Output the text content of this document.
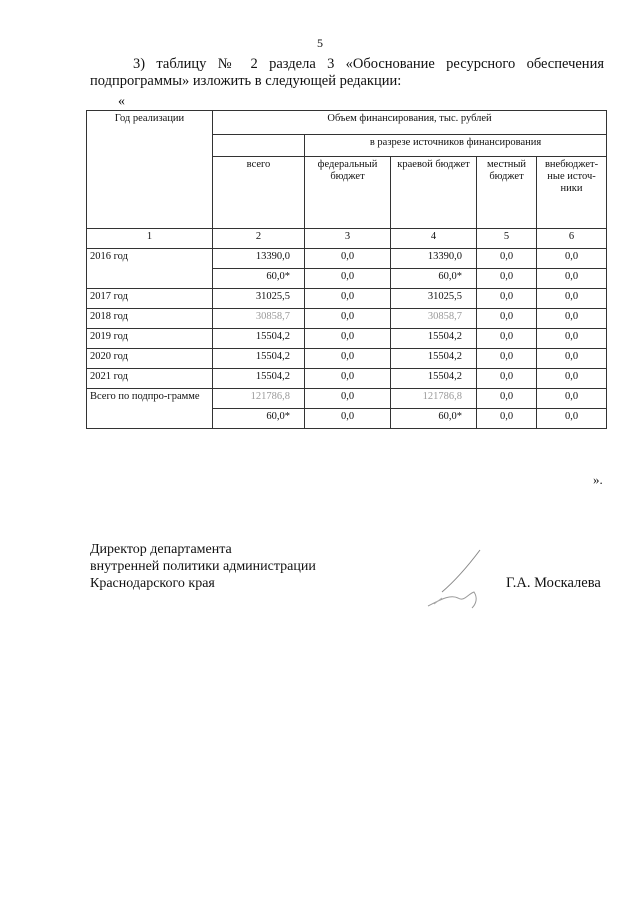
5
3) таблицу № 2 раздела 3 «Обоснование ресурсного обеспечения подпрограммы» изложить в следующей редакции:
«
Год реализации	Объем финансирования, тыс. рублей				
		в разрезе источников финансирования			
	всего	федеральный бюджет	краевой бюджет	местный бюджет	внебюджет-ные источ-ники
1	2	3	4	5	6
2016 год	13390,0	0,0	13390,0	0,0	0,0
	60,0*	0,0	60,0*	0,0	0,0
2017 год	31025,5	0,0	31025,5	0,0	0,0
2018 год	30858,7	0,0	30858,7	0,0	0,0
2019 год	15504,2	0,0	15504,2	0,0	0,0
2020 год	15504,2	0,0	15504,2	0,0	0,0
2021 год	15504,2	0,0	15504,2	0,0	0,0
Всего по подпро-грамме	121786,8	0,0	121786,8	0,0	0,0
	60,0*	0,0	60,0*	0,0	0,0
».
Директор департамента
внутренней политики администрации
Краснодарского края	Г.А. Москалева
